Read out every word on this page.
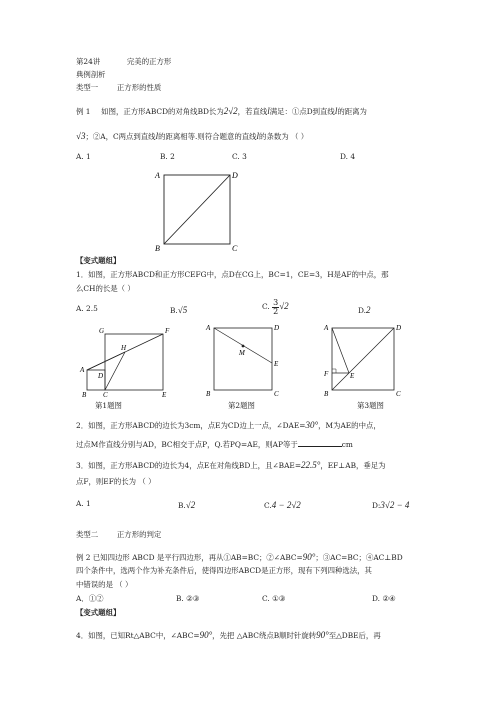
第24讲	完美的正方形
典例剖析
类型一	正方形的性质
例 1 如图，正方形ABCD的对角线BD长为2√2，若直线l满足：①点D到直线l的距离为
√3；②A，C两点到直线l的距离相等.则符合题意的直线l的条数为 （ ）
A. 1	B. 2	C. 3	D. 4
A	D
B	C
【变式题组】
1．如图，正方形ABCD和正方形CEFG中，点D在CG上，BC=1，CE=3，H是AF的中点，那
么CH的长是（ ）
A. 2.5	B.√5	C. $\frac{3}{2} √2$	D.2
G	F
H
A
D
B C	E
A	D
M
E
B	C
A	D
F	E
B	C
第1题图	第2题图	第3题图
2．如图，正方形ABCD的边长为3cm，点E为CD边上一点，∠DAE=30°，M为AE的中点，
过点M作直线分别与AD，BC相交于点P，Q.若PQ=AE，则AP等于	cm
3．如图，正方形ABCD的边长为4，点E在对角线BD上，且∠BAE=22.5°，EF⊥AB，垂足为
点F，则EF的长为 （ ）
A. 1	B.√2	C.4 − 2√2	D:3√2 − 4
类型二	正方形的判定
例 2 已知四边形 ABCD 是平行四边形，再从①AB=BC；②∠ABC=90°；③AC=BC；④AC⊥BD
四个条件中，选两个作为补充条件后，使得四边形ABCD是正方形，现有下列四种选法，其
中错误的是 （ ）
A．①②	B. ②③	C. ①③	D. ②④
【变式题组】
4．如图，已知Rt△ABC中，∠ABC=90°，先把 △ABC绕点B顺时针旋转90°至△DBE后，再
